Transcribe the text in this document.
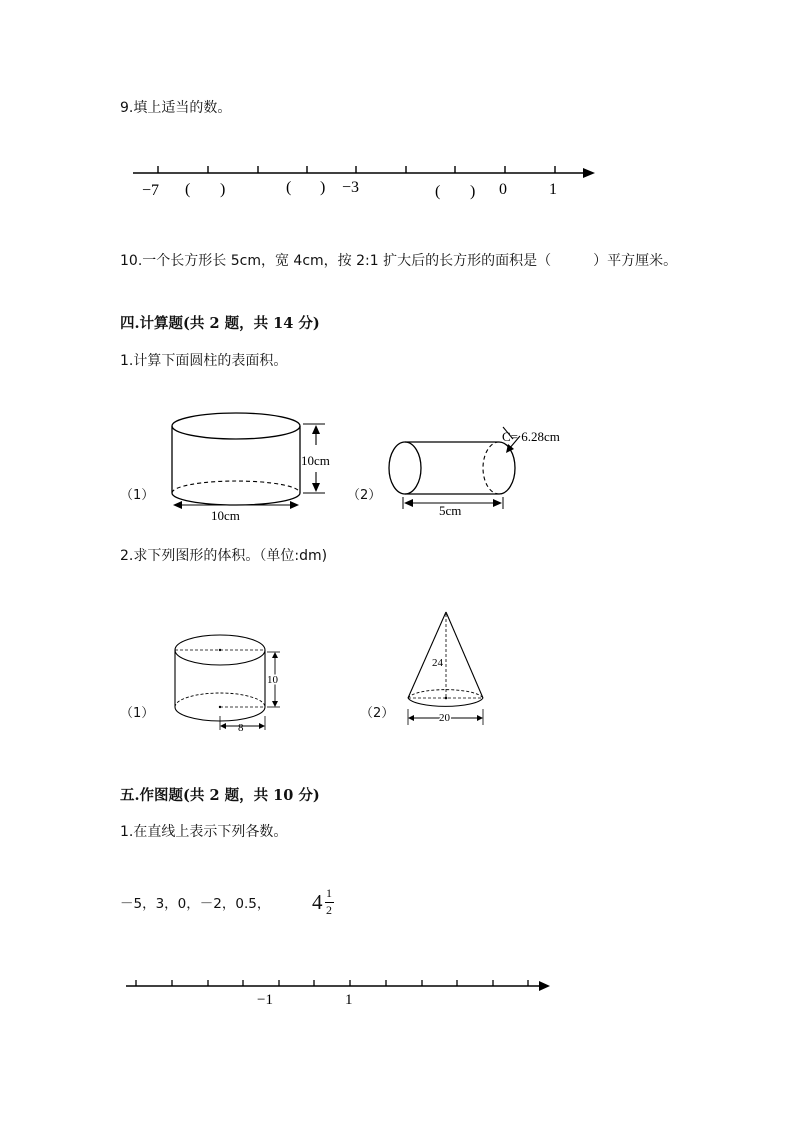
9.填上适当的数。
−7 ( )	( ) −3	( ) 0	1
10.一个长方形长 5cm，宽 4cm，按 2:1 扩大后的长方形的面积是（　　　）平方厘米。
四.计算题(共 2 题，共 14 分)
1.计算下面圆柱的表面积。
（1）
10cm
10cm
（2）
C= 6.28cm
5cm
2.求下列图形的体积。（单位:dm)
（1）
10
8
（2）
24
20
五.作图题(共 2 题，共 10 分)
1.在直线上表示下列各数。
－5，3，0，－2，0.5， 4 1
2
−1	1
